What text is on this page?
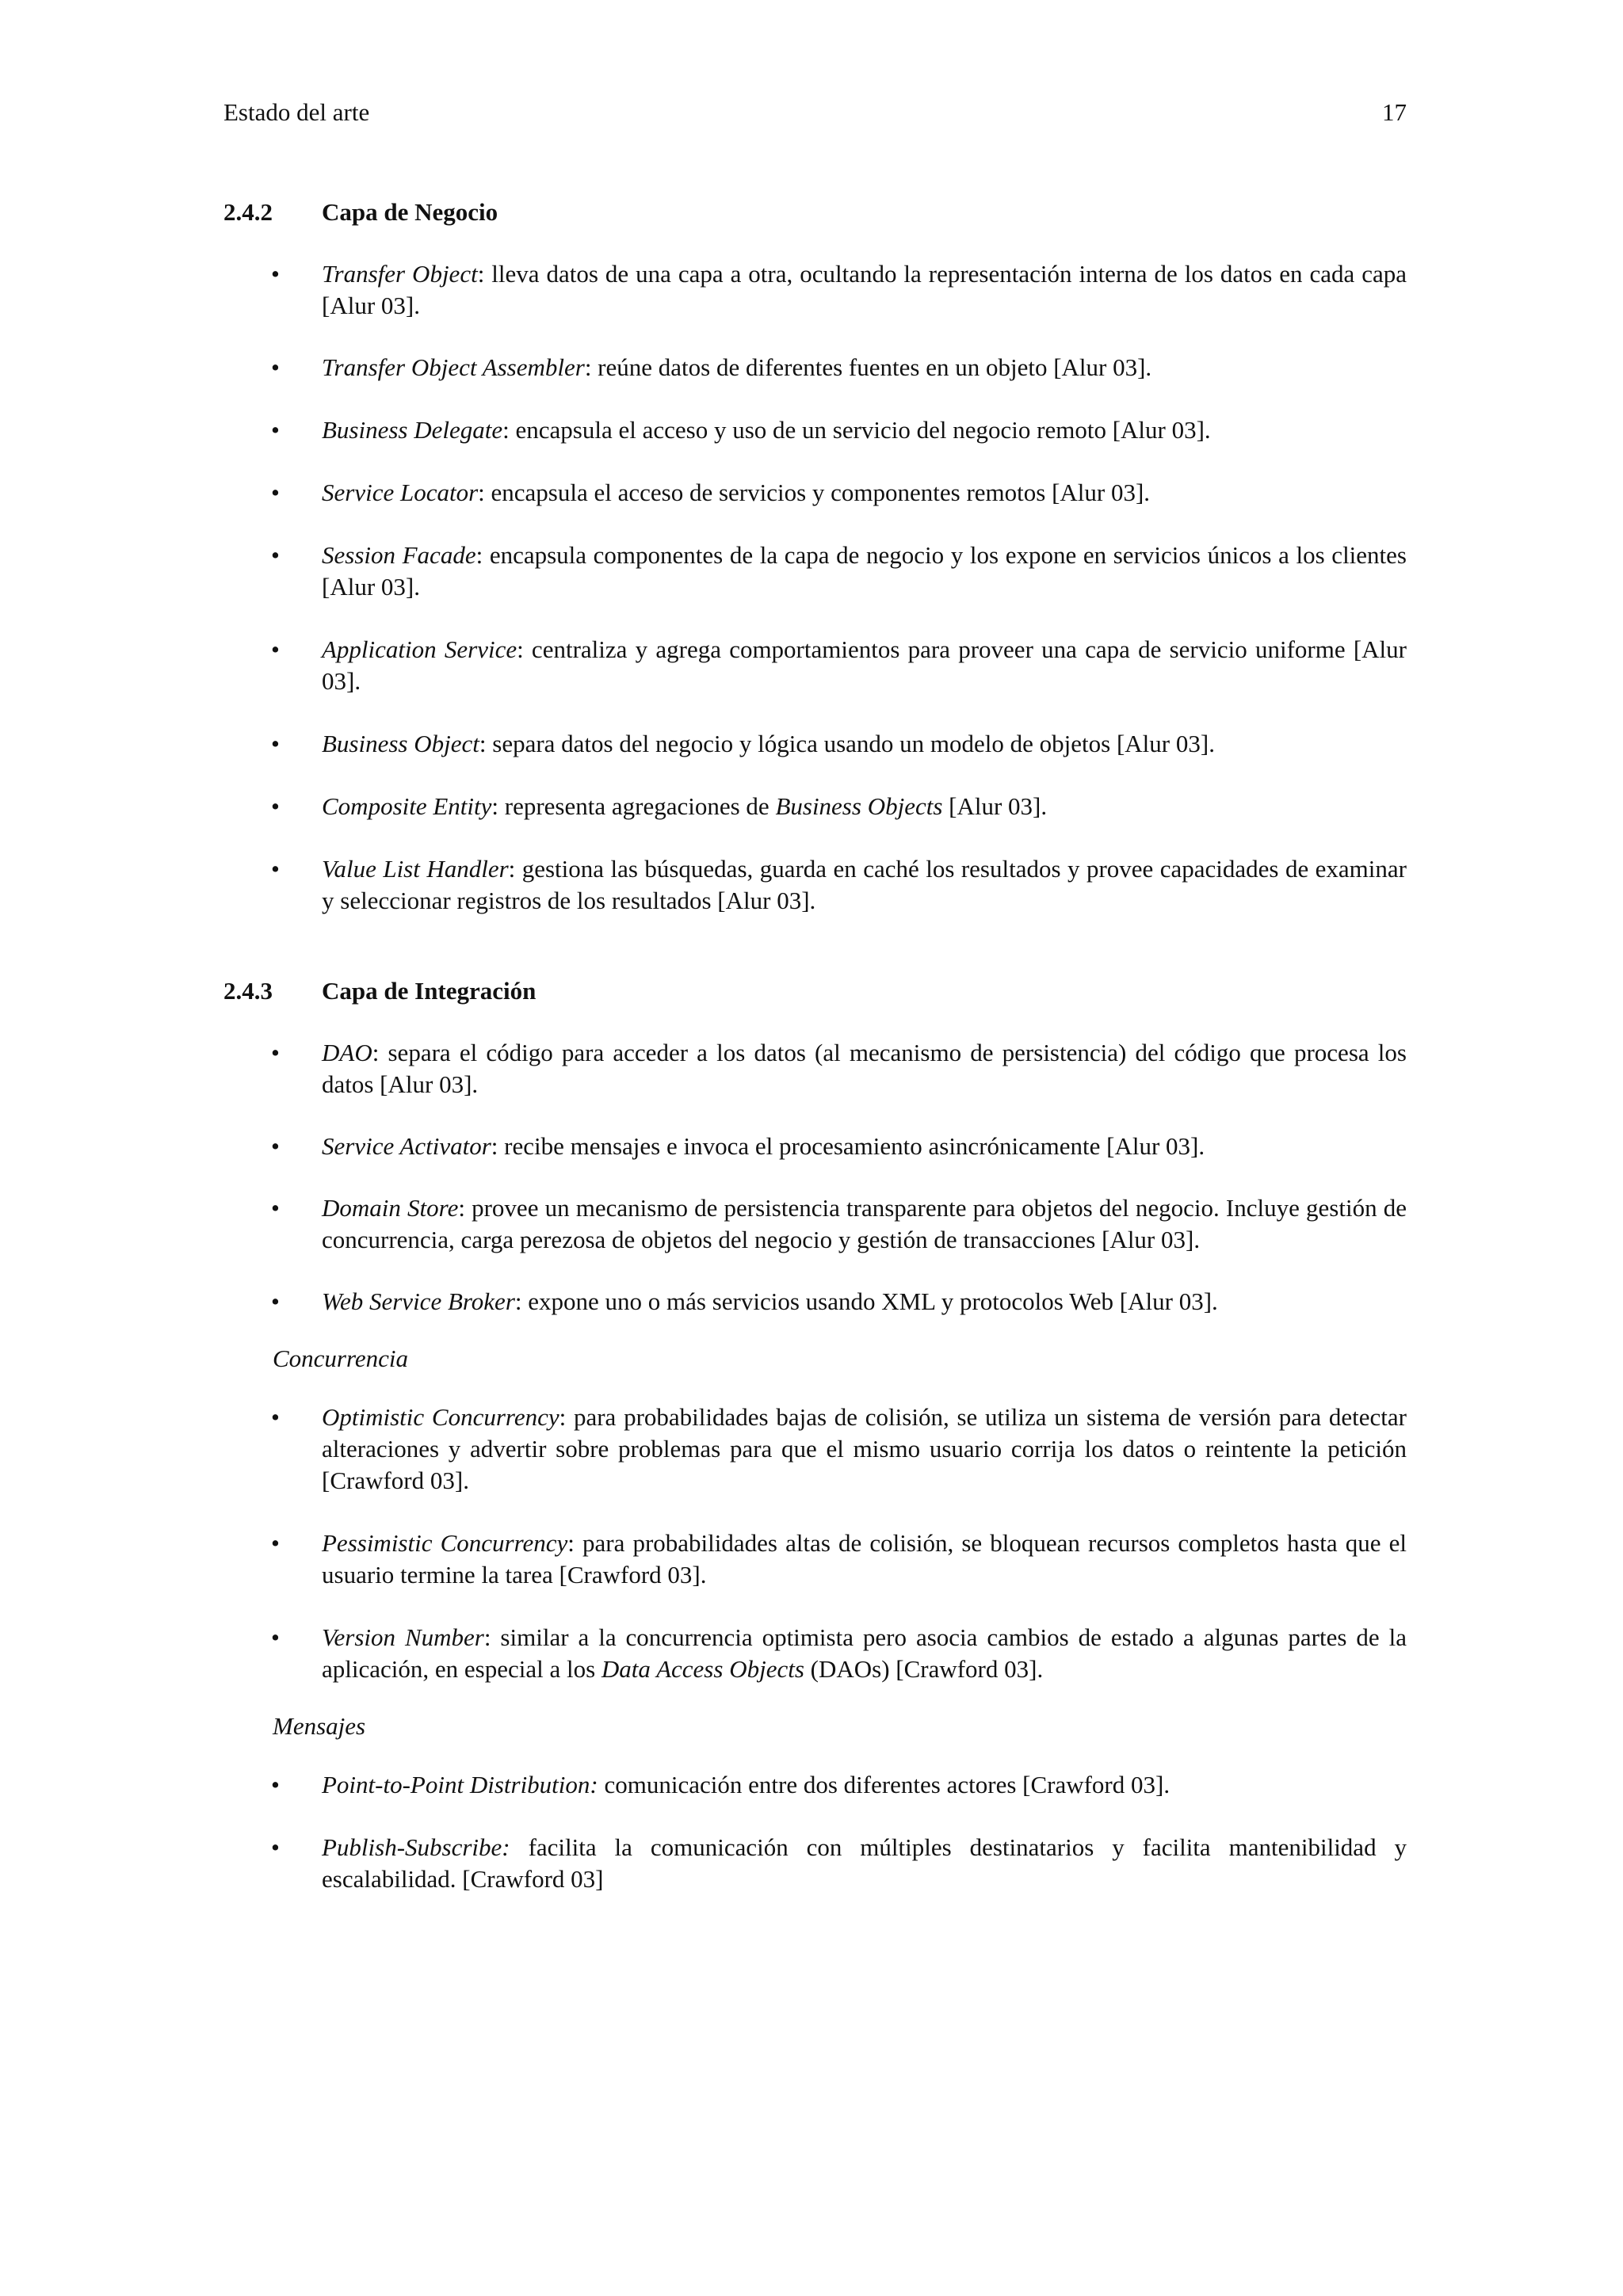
Estado del arte	17
2.4.2	Capa de Negocio
• Transfer Object: lleva datos de una capa a otra, ocultando la representación interna de los datos en cada capa [Alur 03].
• Transfer Object Assembler: reúne datos de diferentes fuentes en un objeto [Alur 03].
• Business Delegate: encapsula el acceso y uso de un servicio del negocio remoto [Alur 03].
• Service Locator: encapsula el acceso de servicios y componentes remotos [Alur 03].
• Session Facade: encapsula componentes de la capa de negocio y los expone en servicios únicos a los clientes [Alur 03].
• Application Service: centraliza y agrega comportamientos para proveer una capa de servicio uniforme [Alur 03].
• Business Object: separa datos del negocio y lógica usando un modelo de objetos [Alur 03].
• Composite Entity: representa agregaciones de Business Objects [Alur 03].
• Value List Handler: gestiona las búsquedas, guarda en caché los resultados y provee capacidades de examinar y seleccionar registros de los resultados [Alur 03].
2.4.3	Capa de Integración
• DAO: separa el código para acceder a los datos (al mecanismo de persistencia) del código que procesa los datos [Alur 03].
• Service Activator: recibe mensajes e invoca el procesamiento asincrónicamente [Alur 03].
• Domain Store: provee un mecanismo de persistencia transparente para objetos del negocio. Incluye gestión de concurrencia, carga perezosa de objetos del negocio y gestión de transacciones [Alur 03].
• Web Service Broker: expone uno o más servicios usando XML y protocolos Web [Alur 03].
Concurrencia
• Optimistic Concurrency: para probabilidades bajas de colisión, se utiliza un sistema de versión para detectar alteraciones y advertir sobre problemas para que el mismo usuario corrija los datos o reintente la petición [Crawford 03].
• Pessimistic Concurrency: para probabilidades altas de colisión, se bloquean recursos completos hasta que el usuario termine la tarea [Crawford 03].
• Version Number: similar a la concurrencia optimista pero asocia cambios de estado a algunas partes de la aplicación, en especial a los Data Access Objects (DAOs) [Crawford 03].
Mensajes
• Point-to-Point Distribution: comunicación entre dos diferentes actores [Crawford 03].
• Publish-Subscribe: facilita la comunicación con múltiples destinatarios y facilita mantenibilidad y escalabilidad. [Crawford 03]
